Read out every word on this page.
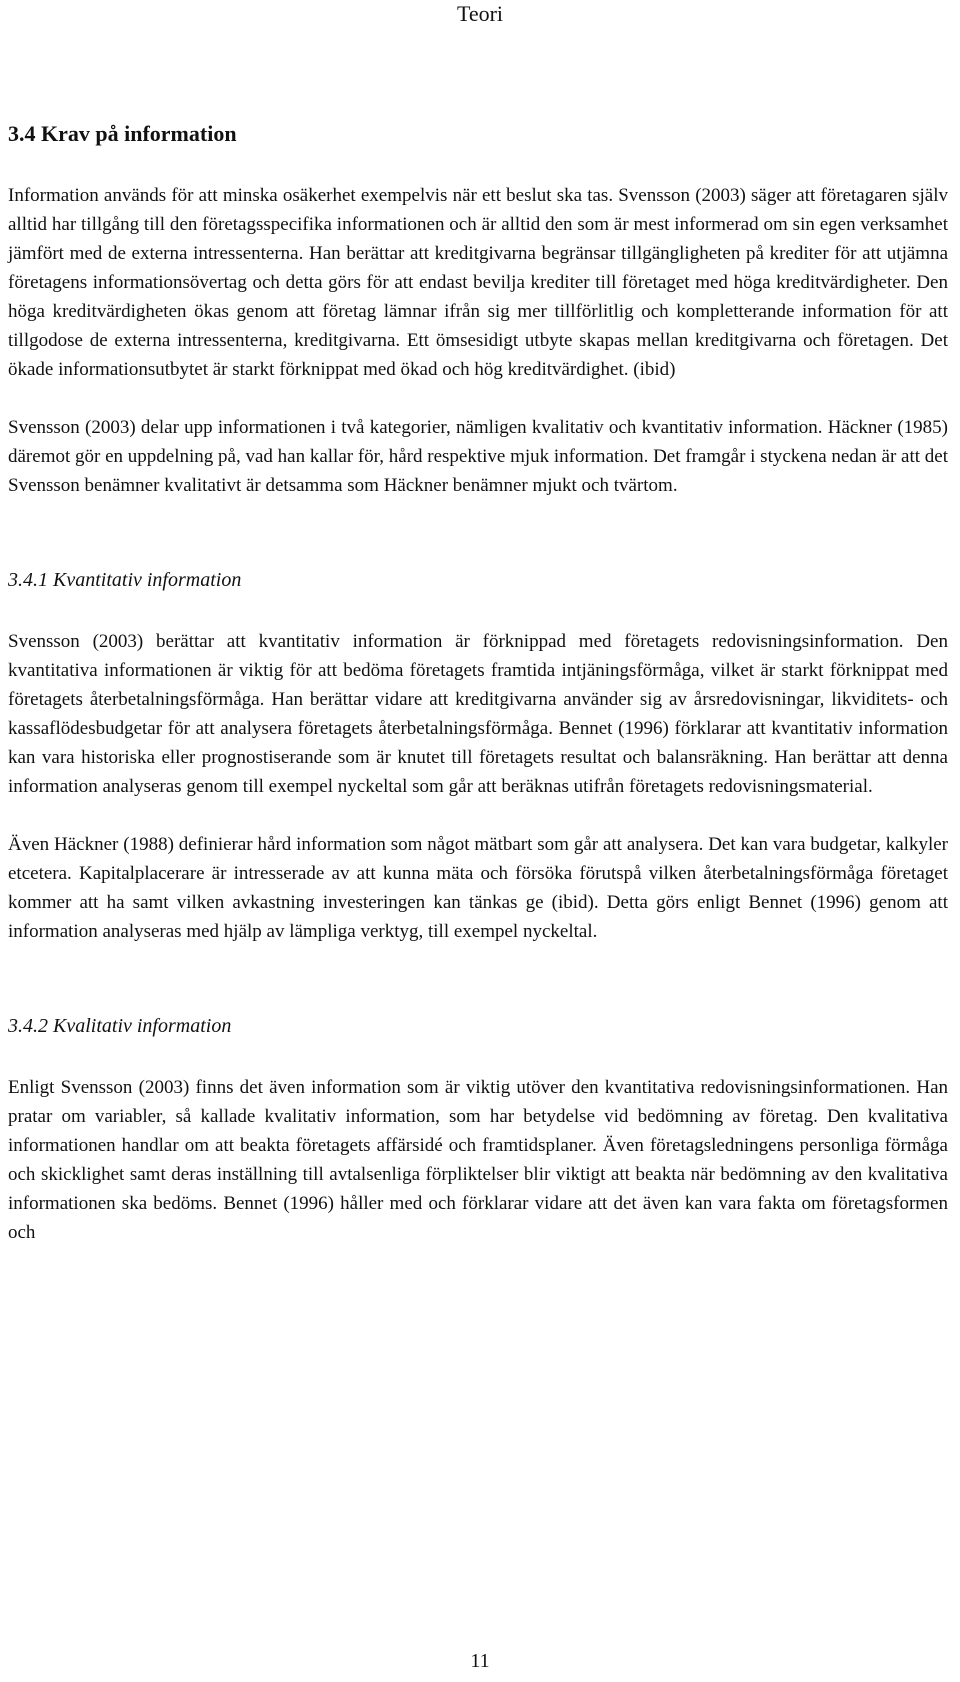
Teori
3.4 Krav på information

Information används för att minska osäkerhet exempelvis när ett beslut ska tas. Svensson (2003) säger att företagaren själv alltid har tillgång till den företagsspecifika informationen och är alltid den som är mest informerad om sin egen verksamhet jämfört med de externa intressenterna. Han berättar att kreditgivarna begränsar tillgängligheten på krediter för att utjämna företagens informationsövertag och detta görs för att endast bevilja krediter till företaget med höga kreditvärdigheter. Den höga kreditvärdigheten ökas genom att företag lämnar ifrån sig mer tillförlitlig och kompletterande information för att tillgodose de externa intressenterna, kreditgivarna. Ett ömsesidigt utbyte skapas mellan kreditgivarna och företagen. Det ökade informationsutbytet är starkt förknippat med ökad och hög kreditvärdighet. (ibid)

Svensson (2003) delar upp informationen i två kategorier, nämligen kvalitativ och kvantitativ information. Häckner (1985) däremot gör en uppdelning på, vad han kallar för, hård respektive mjuk information. Det framgår i styckena nedan är att det Svensson benämner kvalitativt är detsamma som Häckner benämner mjukt och tvärtom.

3.4.1 Kvantitativ information

Svensson (2003) berättar att kvantitativ information är förknippad med företagets redovisningsinformation. Den kvantitativa informationen är viktig för att bedöma företagets framtida intjäningsförmåga, vilket är starkt förknippat med företagets återbetalningsförmåga. Han berättar vidare att kreditgivarna använder sig av årsredovisningar, likviditets- och kassaflödesbudgetar för att analysera företagets återbetalningsförmåga. Bennet (1996) förklarar att kvantitativ information kan vara historiska eller prognostiserande som är knutet till företagets resultat och balansräkning. Han berättar att denna information analyseras genom till exempel nyckeltal som går att beräknas utifrån företagets redovisningsmaterial.

Även Häckner (1988) definierar hård information som något mätbart som går att analysera. Det kan vara budgetar, kalkyler etcetera. Kapitalplacerare är intresserade av att kunna mäta och försöka förutspå vilken återbetalningsförmåga företaget kommer att ha samt vilken avkastning investeringen kan tänkas ge (ibid). Detta görs enligt Bennet (1996) genom att information analyseras med hjälp av lämpliga verktyg, till exempel nyckeltal.

3.4.2 Kvalitativ information

Enligt Svensson (2003) finns det även information som är viktig utöver den kvantitativa redovisningsinformationen. Han pratar om variabler, så kallade kvalitativ information, som har betydelse vid bedömning av företag. Den kvalitativa informationen handlar om att beakta företagets affärsidé och framtidsplaner. Även företagsledningens personliga förmåga och skicklighet samt deras inställning till avtalsenliga förpliktelser blir viktigt att beakta när bedömning av den kvalitativa informationen ska bedöms. Bennet (1996) håller med och förklarar vidare att det även kan vara fakta om företagsformen och

11
